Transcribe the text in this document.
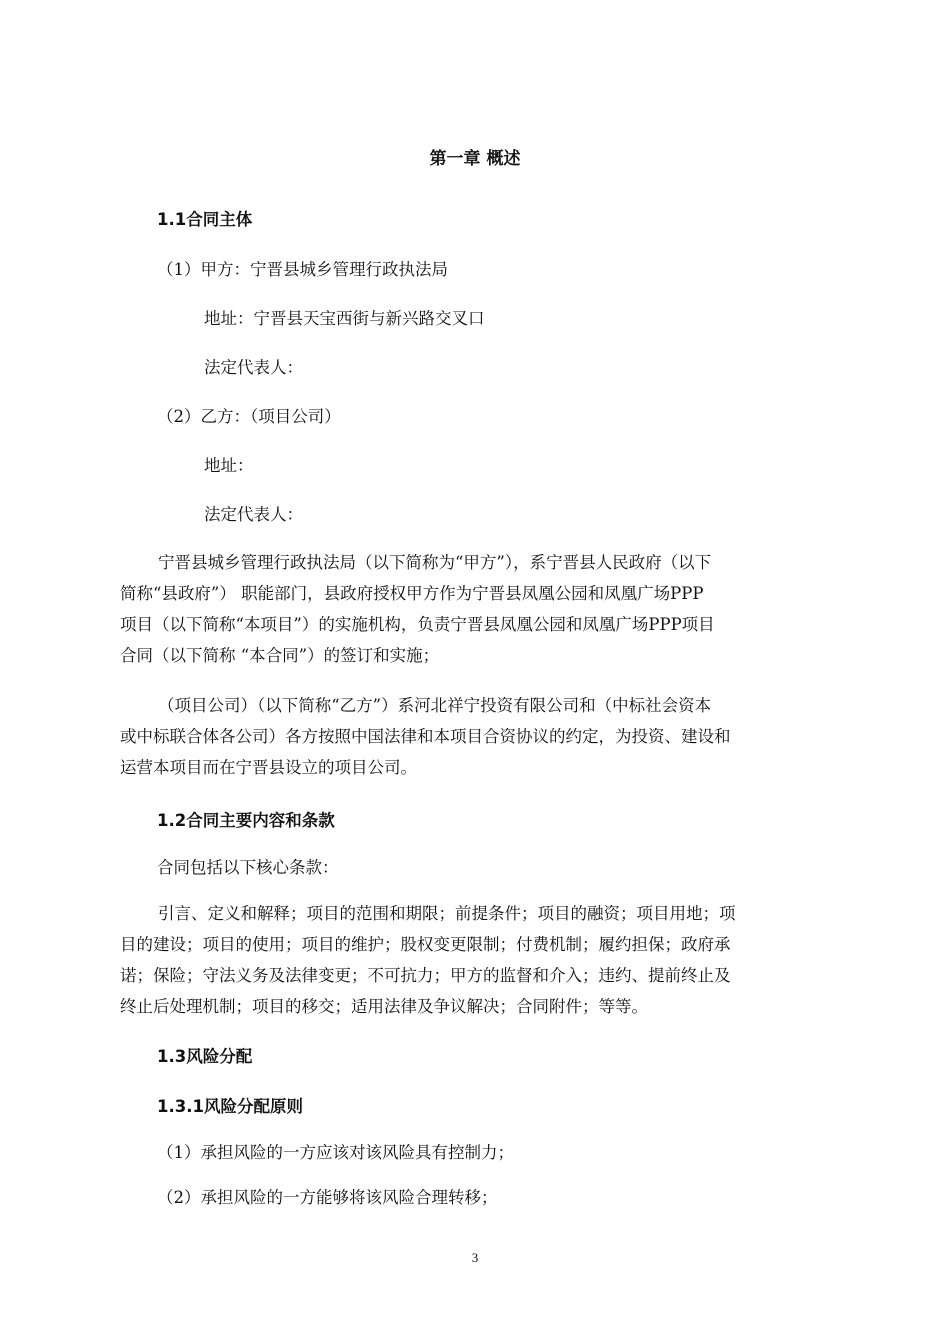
第一章 概述
1.1合同主体
（1）甲方：宁晋县城乡管理行政执法局
地址：宁晋县天宝西街与新兴路交叉口
法定代表人：
（2）乙方：（项目公司）
地址：
法定代表人：
宁晋县城乡管理行政执法局（以下简称为“甲方”），系宁晋县人民政府（以下
简称“县政府”） 职能部门，县政府授权甲方作为宁晋县凤凰公园和凤凰广场PPP
项目（以下简称“本项目”）的实施机构，负责宁晋县凤凰公园和凤凰广场PPP项目
合同（以下简称 “本合同”）的签订和实施；
（项目公司）（以下简称“乙方”）系河北祥宁投资有限公司和（中标社会资本
或中标联合体各公司）各方按照中国法律和本项目合资协议的约定，为投资、建设和
运营本项目而在宁晋县设立的项目公司。
1.2合同主要内容和条款
合同包括以下核心条款：
引言、定义和解释；项目的范围和期限；前提条件；项目的融资；项目用地；项
目的建设；项目的使用；项目的维护；股权变更限制；付费机制；履约担保；政府承
诺；保险；守法义务及法律变更；不可抗力；甲方的监督和介入；违约、提前终止及
终止后处理机制；项目的移交；适用法律及争议解决；合同附件；等等。
1.3风险分配
1.3.1风险分配原则
（1）承担风险的一方应该对该风险具有控制力；
（2）承担风险的一方能够将该风险合理转移；
3
